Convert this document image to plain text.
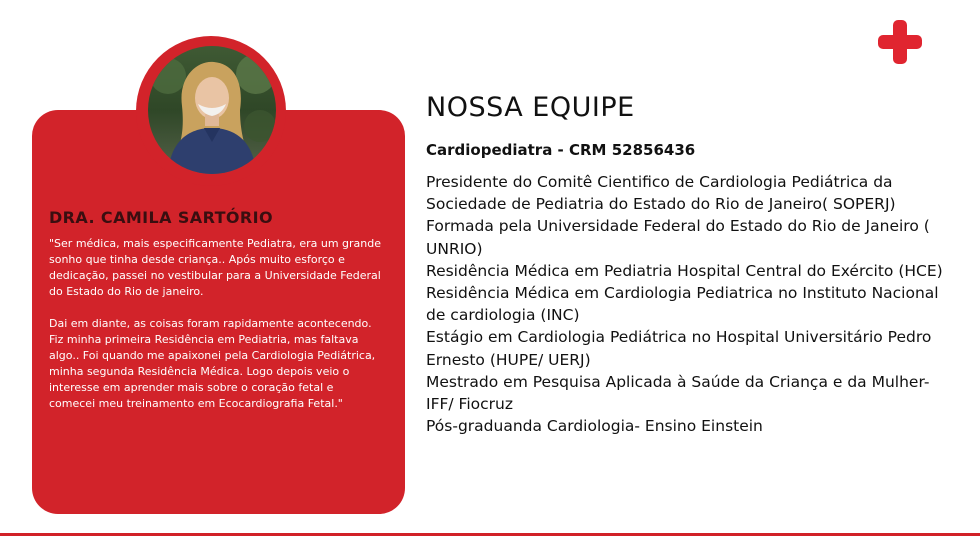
DRA. CAMILA SARTÓRIO

"Ser médica, mais especificamente Pediatra, era um grande sonho que tinha desde criança.. Após muito esforço e dedicação, passei no vestibular para a Universidade Federal do Estado do Rio de janeiro.

Dai em diante, as coisas foram rapidamente acontecendo. Fiz minha primeira Residência em Pediatria, mas faltava algo.. Foi quando me apaixonei pela Cardiologia Pediátrica, minha segunda Residência Médica. Logo depois veio o interesse em aprender mais sobre o coração fetal e comecei meu treinamento em Ecocardiografia Fetal."

NOSSA EQUIPE
Cardiopediatra - CRM 52856436
Presidente do Comitê Cientifico de Cardiologia Pediátrica da Sociedade de Pediatria do Estado do Rio de Janeiro( SOPERJ)
Formada pela Universidade Federal do Estado do Rio de Janeiro ( UNRIO)
Residência Médica em Pediatria Hospital Central do Exército (HCE)
Residência Médica em Cardiologia Pediatrica no Instituto Nacional de cardiologia (INC)
Estágio em Cardiologia Pediátrica no Hospital Universitário Pedro Ernesto (HUPE/ UERJ)
Mestrado em Pesquisa Aplicada à Saúde da Criança e da Mulher- IFF/ Fiocruz
Pós-graduanda Cardiologia- Ensino Einstein
